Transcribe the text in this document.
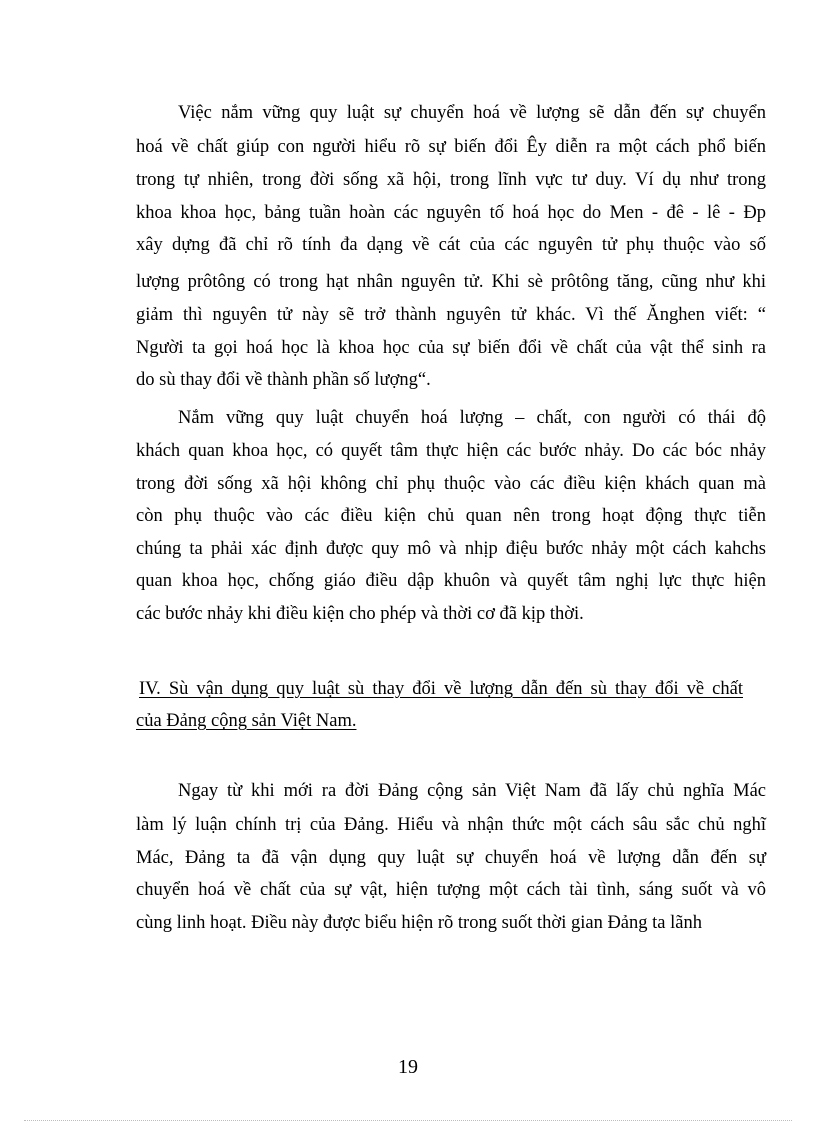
Việc nắm vững quy luật sự chuyển hoá về lượng sẽ dẫn đến sự chuyển
hoá về chất giúp con người hiểu rõ sự biến đổi Êy diễn ra một cách phổ biến
trong tự nhiên, trong đời sống xã hội, trong lĩnh vực tư duy. Ví dụ như trong
khoa khoa học, bảng tuần hoàn các nguyên tố hoá học do Men - đê - lê - Đp
xây dựng đã chỉ rõ tính đa dạng về cát của các nguyên tử phụ thuộc vào số
lượng prôtông có trong hạt nhân nguyên tử. Khi sè prôtông tăng, cũng như khi
giảm thì nguyên tử này sẽ trở thành nguyên tử khác. Vì thế Ănghen viết: “
Người ta gọi hoá học là khoa học của sự biến đổi về chất của vật thể sinh ra
do sù thay đổi về thành phần số lượng“.
Nắm vững quy luật chuyển hoá lượng – chất, con người có thái độ
khách quan khoa học, có quyết tâm thực hiện các bước nhảy. Do các bóc nhảy
trong đời sống xã hội không chỉ phụ thuộc vào các điều kiện khách quan mà
còn phụ thuộc vào các điều kiện chủ quan nên trong hoạt động thực tiễn
chúng ta phải xác định được quy mô và nhịp điệu bước nhảy một cách kahchs
quan khoa học, chống giáo điều dập khuôn và quyết tâm nghị lực thực hiện
các bước nhảy khi điều kiện cho phép và thời cơ đã kịp thời.
IV. Sù vận dụng quy luật sù thay đổi về lượng dẫn đến sù thay đổi về chất
của Đảng cộng sản Việt Nam.
Ngay từ khi mới ra đời Đảng cộng sản Việt Nam đã lấy chủ nghĩa Mác
làm lý luận chính trị của Đảng. Hiểu và nhận thức một cách sâu sắc chủ nghĩ
Mác, Đảng ta đã vận dụng quy luật sự chuyển hoá về lượng dẫn đến sự
chuyển hoá về chất của sự vật, hiện tượng một cách tài tình, sáng suốt và vô
cùng linh hoạt. Điều này được biểu hiện rõ trong suốt thời gian Đảng ta lãnh
19
